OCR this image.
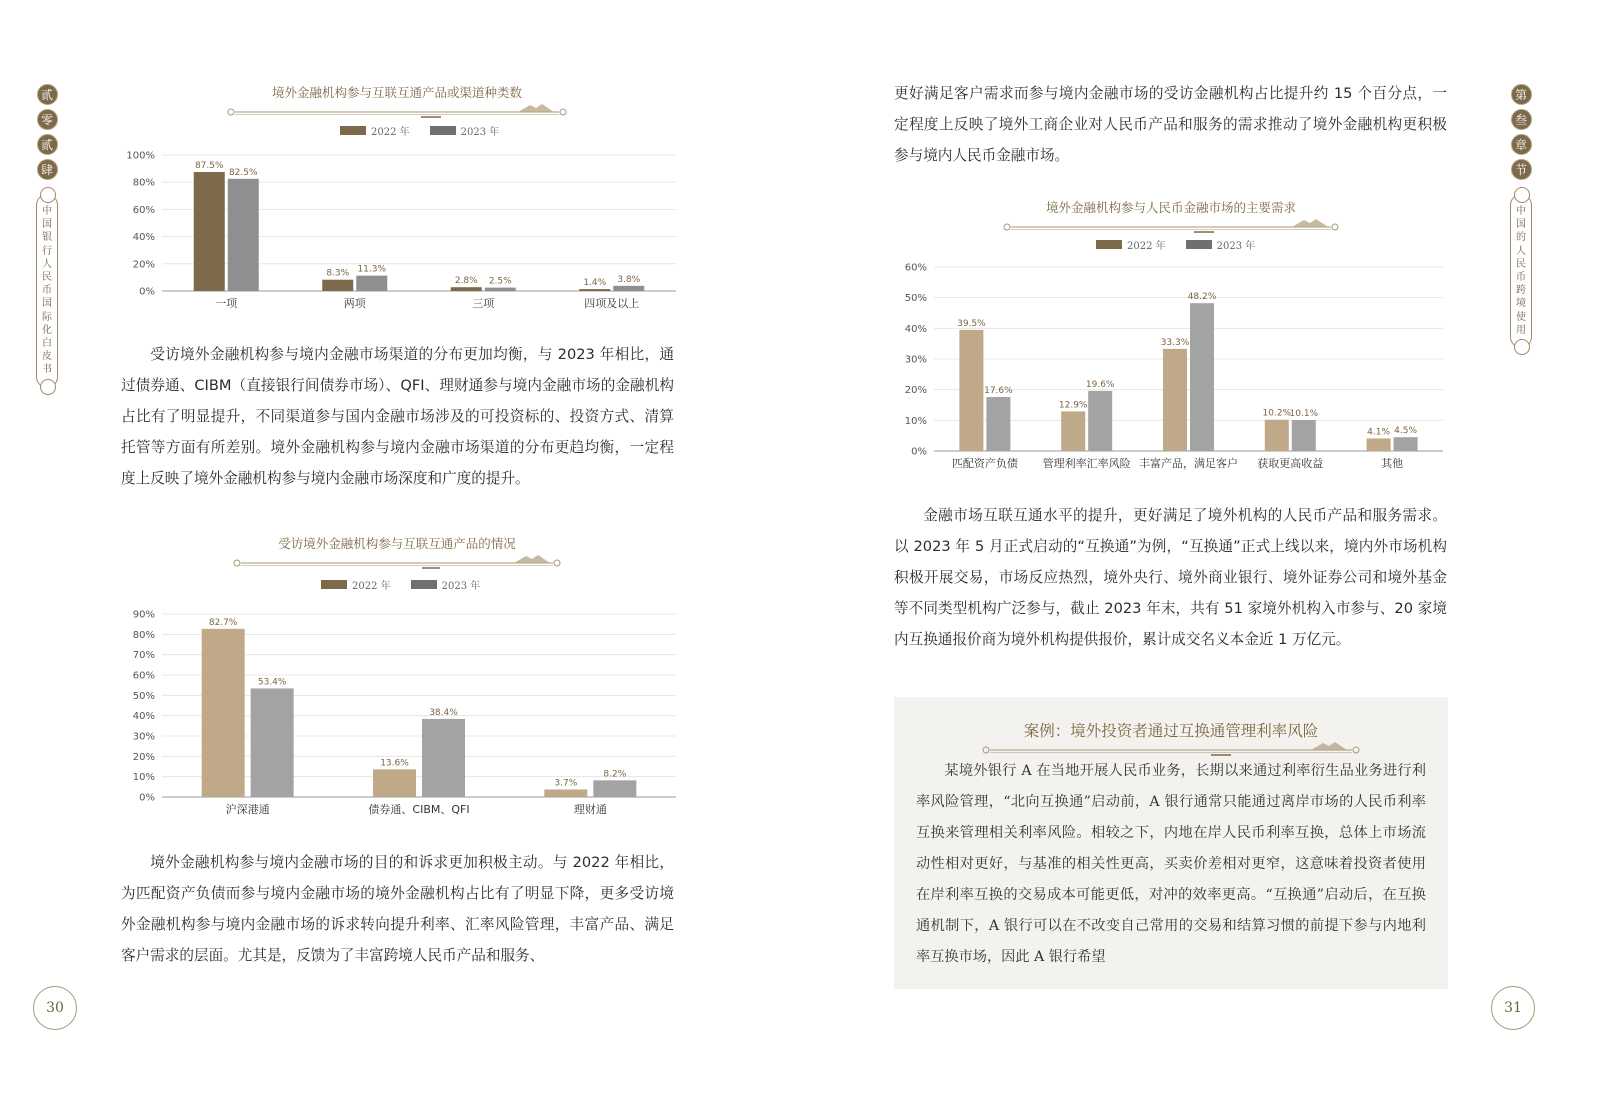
贰
零
贰
肆
中
国
银
行
人
民
币
国
际
化
白
皮
书
第
叁
章
节
中
国
的
人
民
币
跨
境
使
用
境外金融机构参与互联互通产品或渠道种类数
2022 年	2023 年
100%
80%
60%
40%
20%
0%
87.5%
82.5%
一项
8.3% 11.3%
两项
2.8% 2.5%
三项
1.4% 3.8%
四项及以上

受访境外金融机构参与境内金融市场渠道的分布更加均衡，与 2023 年相比，通过债券通、CIBM（直接银行间债券市场）、QFI、理财通参与境内金融市场的金融机构占比有了明显提升，不同渠道参与国内金融市场涉及的可投资标的、投资方式、清算托管等方面有所差别。境外金融机构参与境内金融市场渠道的分布更趋均衡，一定程度上反映了境外金融机构参与境内金融市场深度和广度的提升。

受访境外金融机构参与互联互通产品的情况
2022 年	2023 年
90%
80%
70%
60%
50%
40%
30%
20%
10%
0%
82.7%
53.4%
沪深港通
13.6%
38.4%
债券通、CIBM、QFI
3.7%
8.2%
理财通

境外金融机构参与境内金融市场的目的和诉求更加积极主动。与 2022 年相比，为匹配资产负债而参与境内金融市场的境外金融机构占比有了明显下降，更多受访境外金融机构参与境内金融市场的诉求转向提升利率、汇率风险管理，丰富产品、满足客户需求的层面。尤其是，反馈为了丰富跨境人民币产品和服务、

更好满足客户需求而参与境内金融市场的受访金融机构占比提升约 15 个百分点，一定程度上反映了境外工商企业对人民币产品和服务的需求推动了境外金融机构更积极参与境内人民币金融市场。

境外金融机构参与人民币金融市场的主要需求
2022 年	2023 年
60%
50%
40%
30%
20%
10%
0%
39.5%
17.6%
匹配资产负债
12.9%
19.6%
管理利率汇率风险
33.3%
48.2%
丰富产品，满足客户
10.2%
10.1%
获取更高收益
4.1% 4.5%
其他

金融市场互联互通水平的提升，更好满足了境外机构的人民币产品和服务需求。以 2023 年 5 月正式启动的“互换通”为例，“互换通”正式上线以来，境内外市场机构积极开展交易，市场反应热烈，境外央行、境外商业银行、境外证券公司和境外基金等不同类型机构广泛参与，截止 2023 年末，共有 51 家境外机构入市参与、20 家境内互换通报价商为境外机构提供报价，累计成交名义本金近 1 万亿元。

案例：境外投资者通过互换通管理利率风险

某境外银行 A 在当地开展人民币业务，长期以来通过利率衍生品业务进行利率风险管理，“北向互换通”启动前，A 银行通常只能通过离岸市场的人民币利率互换来管理相关利率风险。相较之下，内地在岸人民币利率互换，总体上市场流动性相对更好，与基准的相关性更高，买卖价差相对更窄，这意味着投资者使用在岸利率互换的交易成本可能更低，对冲的效率更高。“互换通”启动后，在互换通机制下，A 银行可以在不改变自己常用的交易和结算习惯的前提下参与内地利率互换市场，因此 A 银行希望

30	31
